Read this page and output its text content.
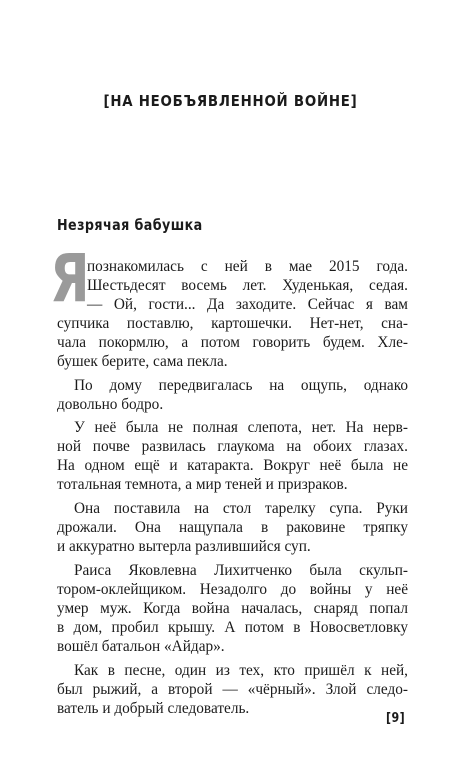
[НА НЕОБЪЯВЛЕННОЙ ВОЙНЕ]
Незрячая бабушка
Я
познакомилась с ней в мае 2015 года.
Шестьдесят восемь лет. Худенькая, седая.
— Ой, гости... Да заходите. Сейчас я вам
супчика поставлю, картошечки. Нет-нет, сна-
чала покормлю, а потом говорить будем. Хле-
бушек берите, сама пекла.
По дому передвигалась на ощупь, однако
довольно бодро.
У неё была не полная слепота, нет. На нерв-
ной почве развилась глаукома на обоих глазах.
На одном ещё и катаракта. Вокруг неё была не
тотальная темнота, а мир теней и призраков.
Она поставила на стол тарелку супа. Руки
дрожали. Она нащупала в раковине тряпку
и аккуратно вытерла разлившийся суп.
Раиса Яковлевна Лихитченко была скульп-
тором-оклейщиком. Незадолго до войны у неё
умер муж. Когда война началась, снаряд попал
в дом, пробил крышу. А потом в Новосветловку
вошёл батальон «Айдар».
Как в песне, один из тех, кто пришёл к ней,
был рыжий, а второй — «чёрный». Злой следо-
ватель и добрый следователь.
[9]
